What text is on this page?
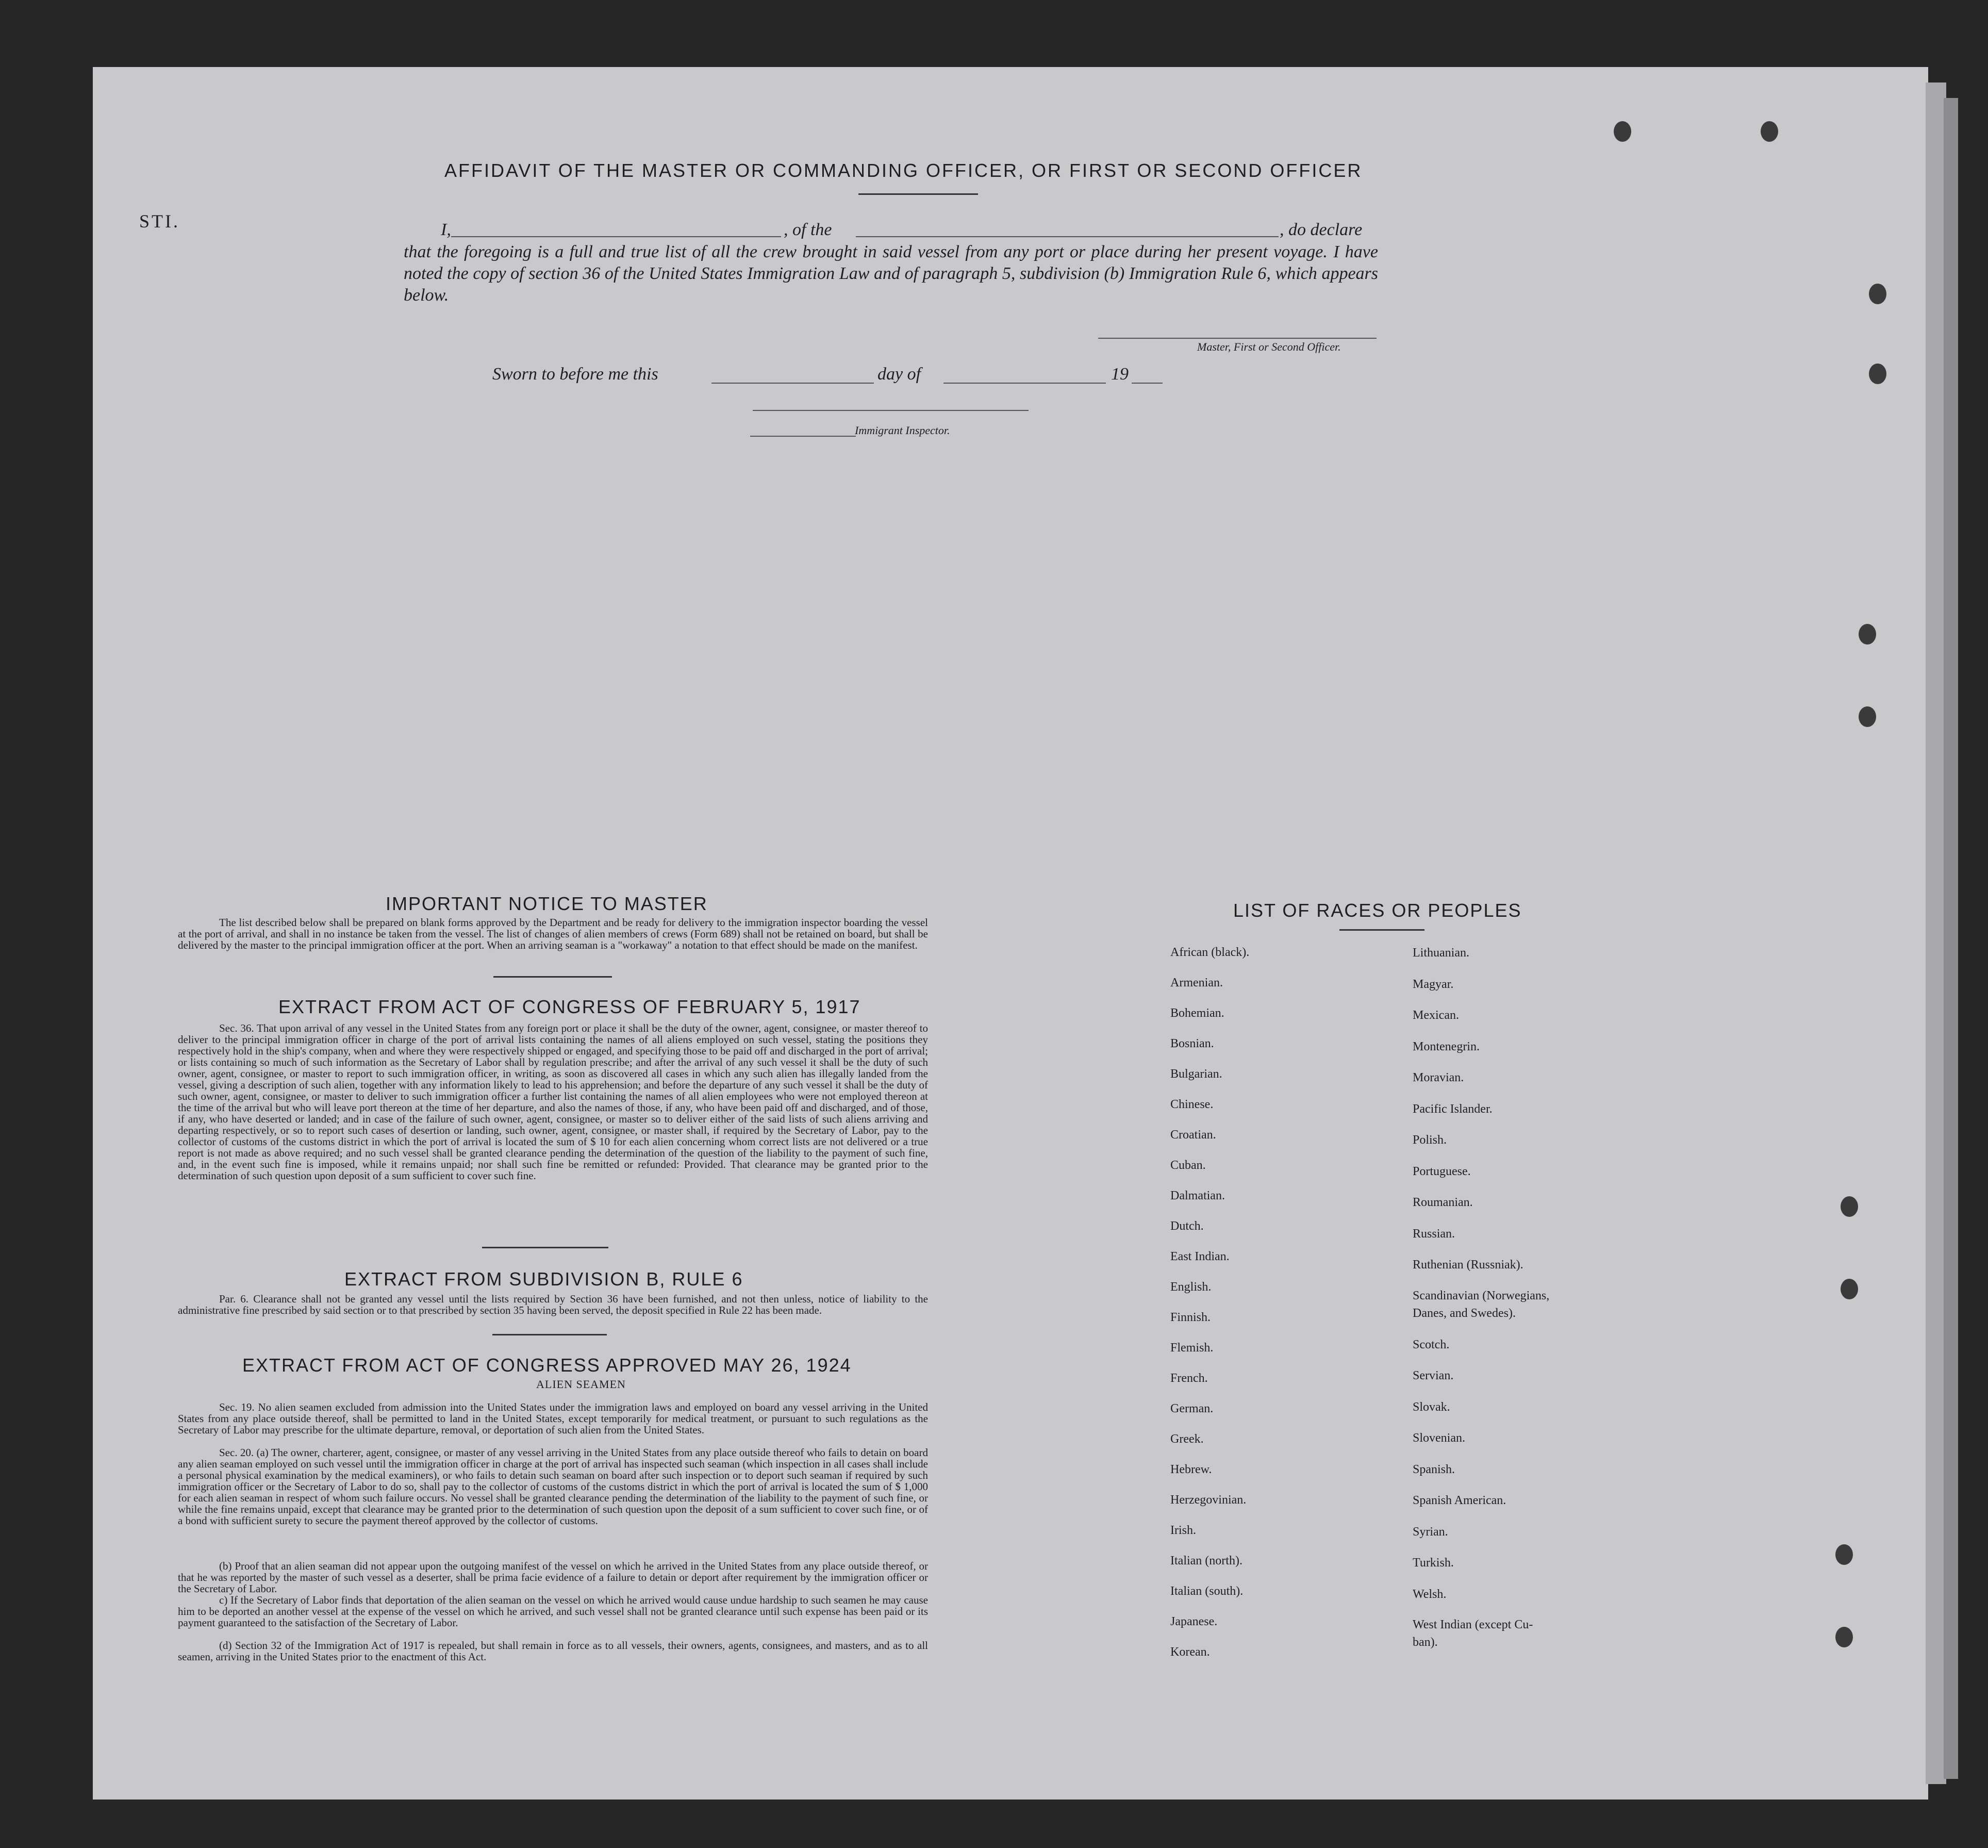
STI.
AFFIDAVIT OF THE MASTER OR COMMANDING OFFICER, OR FIRST OR SECOND OFFICER
I,	, of the	, do declare
that the foregoing is a full and true list of all the crew brought in said vessel from any port or place during her present voyage. I have noted the copy of section 36 of the United States Immigration Law and of paragraph 5, subdivision (b) Immigration Rule 6, which appears below.
Master, First or Second Officer.
Sworn to before me this	day of	19
Immigrant Inspector.
IMPORTANT NOTICE TO MASTER
The list described below shall be prepared on blank forms approved by the Department and be ready for delivery to the immigration inspector boarding the vessel at the port of arrival, and shall in no instance be taken from the vessel. The list of changes of alien members of crews (Form 689) shall not be retained on board, but shall be delivered by the master to the principal immigration officer at the port. When an arriving seaman is a "workaway" a notation to that effect should be made on the manifest.
EXTRACT FROM ACT OF CONGRESS OF FEBRUARY 5, 1917
Sec. 36. That upon arrival of any vessel in the United States from any foreign port or place it shall be the duty of the owner, agent, consignee, or master thereof to deliver to the principal immigration officer in charge of the port of arrival lists containing the names of all aliens employed on such vessel, stating the positions they respectively hold in the ship's company, when and where they were respectively shipped or engaged, and specifying those to be paid off and discharged in the port of arrival; or lists containing so much of such information as the Secretary of Labor shall by regulation prescribe; and after the arrival of any such vessel it shall be the duty of such owner, agent, consignee, or master to report to such immigration officer, in writing, as soon as discovered all cases in which any such alien has illegally landed from the vessel, giving a description of such alien, together with any information likely to lead to his apprehension; and before the departure of any such vessel it shall be the duty of such owner, agent, consignee, or master to deliver to such immigration officer a further list containing the names of all alien employees who were not employed thereon at the time of the arrival but who will leave port thereon at the time of her departure, and also the names of those, if any, who have been paid off and discharged, and of those, if any, who have deserted or landed; and in case of the failure of such owner, agent, consignee, or master so to deliver either of the said lists of such aliens arriving and departing respectively, or so to report such cases of desertion or landing, such owner, agent, consignee, or master shall, if required by the Secretary of Labor, pay to the collector of customs of the customs district in which the port of arrival is located the sum of $ 10 for each alien concerning whom correct lists are not delivered or a true report is not made as above required; and no such vessel shall be granted clearance pending the determination of the question of the liability to the payment of such fine, and, in the event such fine is imposed, while it remains unpaid; nor shall such fine be remitted or refunded: Provided. That clearance may be granted prior to the determination of such question upon deposit of a sum sufficient to cover such fine.
EXTRACT FROM SUBDIVISION B, RULE 6
Par. 6. Clearance shall not be granted any vessel until the lists required by Section 36 have been furnished, and not then unless, notice of liability to the administrative fine prescribed by said section or to that prescribed by section 35 having been served, the deposit specified in Rule 22 has been made.
EXTRACT FROM ACT OF CONGRESS APPROVED MAY 26, 1924
ALIEN SEAMEN
Sec. 19. No alien seamen excluded from admission into the United States under the immigration laws and employed on board any vessel arriving in the United States from any place outside thereof, shall be permitted to land in the United States, except temporarily for medical treatment, or pursuant to such regulations as the Secretary of Labor may prescribe for the ultimate departure, removal, or deportation of such alien from the United States.
Sec. 20. (a) The owner, charterer, agent, consignee, or master of any vessel arriving in the United States from any place outside thereof who fails to detain on board any alien seaman employed on such vessel until the immigration officer in charge at the port of arrival has inspected such seaman (which inspection in all cases shall include a personal physical examination by the medical examiners), or who fails to detain such seaman on board after such inspection or to deport such seaman if required by such immigration officer or the Secretary of Labor to do so, shall pay to the collector of customs of the customs district in which the port of arrival is located the sum of $ 1,000 for each alien seaman in respect of whom such failure occurs. No vessel shall be granted clearance pending the determination of the liability to the payment of such fine, or while the fine remains unpaid, except that clearance may be granted prior to the determination of such question upon the deposit of a sum sufficient to cover such fine, or of a bond with sufficient surety to secure the payment thereof approved by the collector of customs.
(b) Proof that an alien seaman did not appear upon the outgoing manifest of the vessel on which he arrived in the United States from any place outside thereof, or that he was reported by the master of such vessel as a deserter, shall be prima facie evidence of a failure to detain or deport after requirement by the immigration officer or the Secretary of Labor.
c) If the Secretary of Labor finds that deportation of the alien seaman on the vessel on which he arrived would cause undue hardship to such seamen he may cause him to be deported an another vessel at the expense of the vessel on which he arrived, and such vessel shall not be granted clearance until such expense has been paid or its payment guaranteed to the satisfaction of the Secretary of Labor.
(d) Section 32 of the Immigration Act of 1917 is repealed, but shall remain in force as to all vessels, their owners, agents, consignees, and masters, and as to all seamen, arriving in the United States prior to the enactment of this Act.
LIST OF RACES OR PEOPLES
African (black).
Armenian.
Bohemian.
Bosnian.
Bulgarian.
Chinese.
Croatian.
Cuban.
Dalmatian.
Dutch.
East Indian.
English.
Finnish.
Flemish.
French.
German.
Greek.
Hebrew.
Herzegovinian.
Irish.
Italian (north).
Italian (south).
Japanese.
Korean.
Lithuanian.
Magyar.
Mexican.
Montenegrin.
Moravian.
Pacific Islander.
Polish.
Portuguese.
Roumanian.
Russian.
Ruthenian (Russniak).
Scandinavian (Norwegians,
Danes, and Swedes).
Scotch.
Servian.
Slovak.
Slovenian.
Spanish.
Spanish American.
Syrian.
Turkish.
Welsh.
West Indian (except Cu-
ban).
